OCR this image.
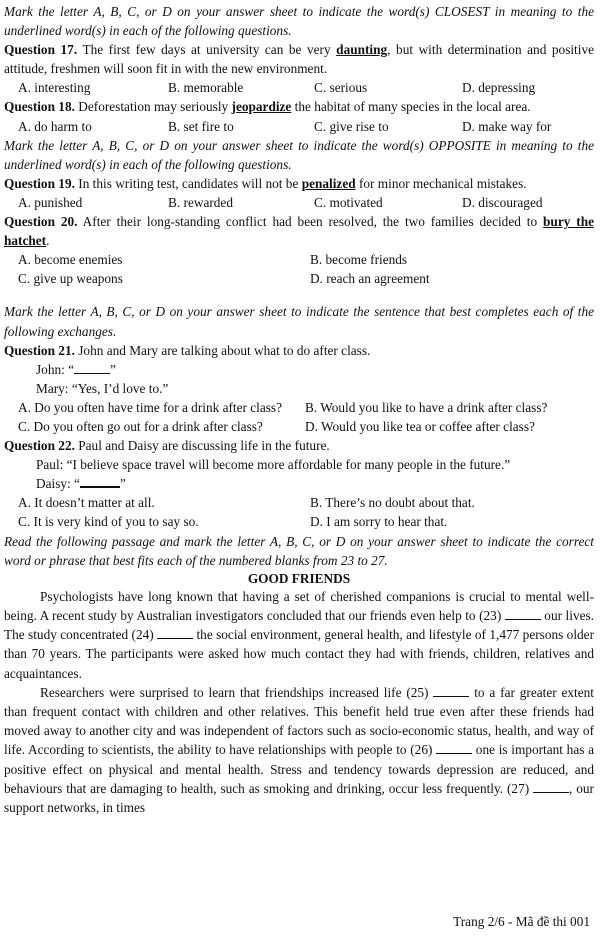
Mark the letter A, B, C, or D on your answer sheet to indicate the word(s) CLOSEST in meaning to the underlined word(s) in each of the following questions.

Question 17. The first few days at university can be very daunting, but with determination and positive attitude, freshmen will soon fit in with the new environment.

A. interesting	B. memorable	C. serious	D. depressing

Question 18. Deforestation may seriously jeopardize the habitat of many species in the local area.

A. do harm to	B. set fire to	C. give rise to	D. make way for

Mark the letter A, B, C, or D on your answer sheet to indicate the word(s) OPPOSITE in meaning to the underlined word(s) in each of the following questions.

Question 19. In this writing test, candidates will not be penalized for minor mechanical mistakes.

A. punished	B. rewarded	C. motivated	D. discouraged

Question 20. After their long-standing conflict had been resolved, the two families decided to bury the hatchet.

A. become enemies	B. become friends
C. give up weapons	D. reach an agreement

Mark the letter A, B, C, or D on your answer sheet to indicate the sentence that best completes each of the following exchanges.

Question 21. John and Mary are talking about what to do after class.

John: “	”
Mary: “Yes, I’d love to.”
A. Do you often have time for a drink after class? B. Would you like to have a drink after class?
C. Do you often go out for a drink after class?	D. Would you like tea or coffee after class?

Question 22. Paul and Daisy are discussing life in the future.

Paul: “I believe space travel will become more affordable for many people in the future.”
Daisy: “	”
A. It doesn’t matter at all.	B. There’s no doubt about that.
C. It is very kind of you to say so.	D. I am sorry to hear that.

Read the following passage and mark the letter A, B, C, or D on your answer sheet to indicate the correct word or phrase that best fits each of the numbered blanks from 23 to 27.

GOOD FRIENDS

Psychologists have long known that having a set of cherished companions is crucial to mental well-being. A recent study by Australian investigators concluded that our friends even help to (23)	our lives. The study concentrated (24)	the social environment, general health, and lifestyle of 1,477 persons older than 70 years. The participants were asked how much contact they had with friends, children, relatives and acquaintances.

Researchers were surprised to learn that friendships increased life (25)	to a far greater extent than frequent contact with children and other relatives. This benefit held true even after these friends had moved away to another city and was independent of factors such as socio-economic status, health, and way of life. According to scientists, the ability to have relationships with people to (26)	one is important has a positive effect on physical and mental health. Stress and tendency towards depression are reduced, and behaviours that are damaging to health, such as smoking and drinking, occur less frequently. (27)	, our support networks, in times

Trang 2/6 - Mã đề thi 001
